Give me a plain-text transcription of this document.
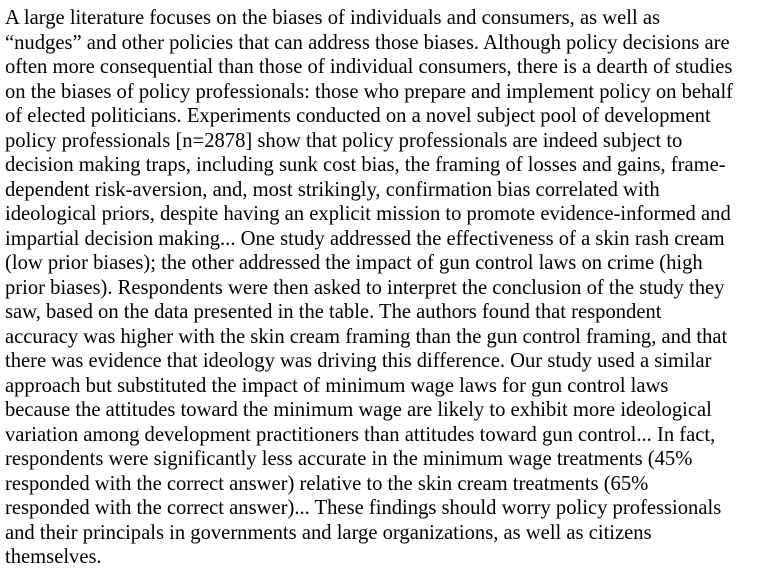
A large literature focuses on the biases of individuals and consumers, as well as
“nudges” and other policies that can address those biases. Although policy decisions are
often more consequential than those of individual consumers, there is a dearth of studies
on the biases of policy professionals: those who prepare and implement policy on behalf
of elected politicians. Experiments conducted on a novel subject pool of development
policy professionals [n=2878] show that policy professionals are indeed subject to
decision making traps, including sunk cost bias, the framing of losses and gains, frame-
dependent risk-aversion, and, most strikingly, confirmation bias correlated with
ideological priors, despite having an explicit mission to promote evidence-informed and
impartial decision making... One study addressed the effectiveness of a skin rash cream
(low prior biases); the other addressed the impact of gun control laws on crime (high
prior biases). Respondents were then asked to interpret the conclusion of the study they
saw, based on the data presented in the table. The authors found that respondent
accuracy was higher with the skin cream framing than the gun control framing, and that
there was evidence that ideology was driving this difference. Our study used a similar
approach but substituted the impact of minimum wage laws for gun control laws
because the attitudes toward the minimum wage are likely to exhibit more ideological
variation among development practitioners than attitudes toward gun control... In fact,
respondents were significantly less accurate in the minimum wage treatments (45%
responded with the correct answer) relative to the skin cream treatments (65%
responded with the correct answer)... These findings should worry policy professionals
and their principals in governments and large organizations, as well as citizens
themselves.
